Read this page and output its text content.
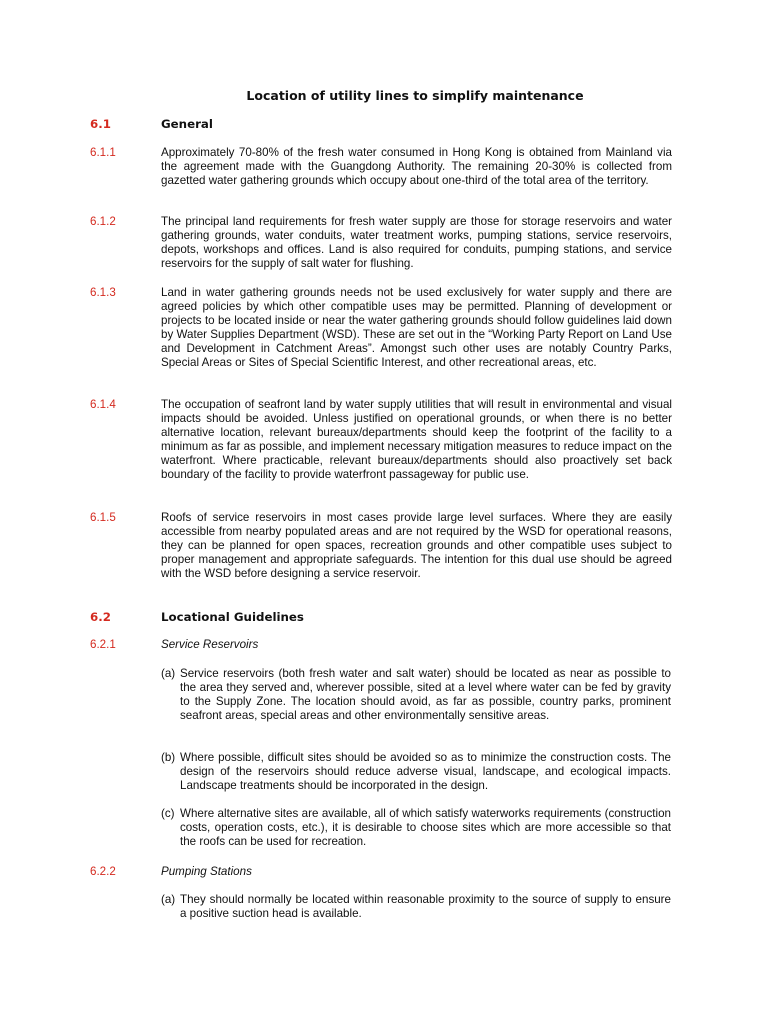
Location of utility lines to simplify maintenance
6.1	General
6.1.1	Approximately 70-80% of the fresh water consumed in Hong Kong is obtained from Mainland via the agreement made with the Guangdong Authority. The remaining 20-30% is collected from gazetted water gathering grounds which occupy about one-third of the total area of the territory.
6.1.2	The principal land requirements for fresh water supply are those for storage reservoirs and water gathering grounds, water conduits, water treatment works, pumping stations, service reservoirs, depots, workshops and offices. Land is also required for conduits, pumping stations, and service reservoirs for the supply of salt water for flushing.
6.1.3	Land in water gathering grounds needs not be used exclusively for water supply and there are agreed policies by which other compatible uses may be permitted. Planning of development or projects to be located inside or near the water gathering grounds should follow guidelines laid down by Water Supplies Department (WSD). These are set out in the “Working Party Report on Land Use and Development in Catchment Areas”. Amongst such other uses are notably Country Parks, Special Areas or Sites of Special Scientific Interest, and other recreational areas, etc.
6.1.4	The occupation of seafront land by water supply utilities that will result in environmental and visual impacts should be avoided. Unless justified on operational grounds, or when there is no better alternative location, relevant bureaux/departments should keep the footprint of the facility to a minimum as far as possible, and implement necessary mitigation measures to reduce impact on the waterfront. Where practicable, relevant bureaux/departments should also proactively set back boundary of the facility to provide waterfront passageway for public use.
6.1.5	Roofs of service reservoirs in most cases provide large level surfaces. Where they are easily accessible from nearby populated areas and are not required by the WSD for operational reasons, they can be planned for open spaces, recreation grounds and other compatible uses subject to proper management and appropriate safeguards. The intention for this dual use should be agreed with the WSD before designing a service reservoir.
6.2	Locational Guidelines
6.2.1	Service Reservoirs
(a) Service reservoirs (both fresh water and salt water) should be located as near as possible to the area they served and, wherever possible, sited at a level where water can be fed by gravity to the Supply Zone. The location should avoid, as far as possible, country parks, prominent seafront areas, special areas and other environmentally sensitive areas.
(b) Where possible, difficult sites should be avoided so as to minimize the construction costs. The design of the reservoirs should reduce adverse visual, landscape, and ecological impacts. Landscape treatments should be incorporated in the design.
(c) Where alternative sites are available, all of which satisfy waterworks requirements (construction costs, operation costs, etc.), it is desirable to choose sites which are more accessible so that the roofs can be used for recreation.
6.2.2	Pumping Stations
(a) They should normally be located within reasonable proximity to the source of supply to ensure a positive suction head is available.
